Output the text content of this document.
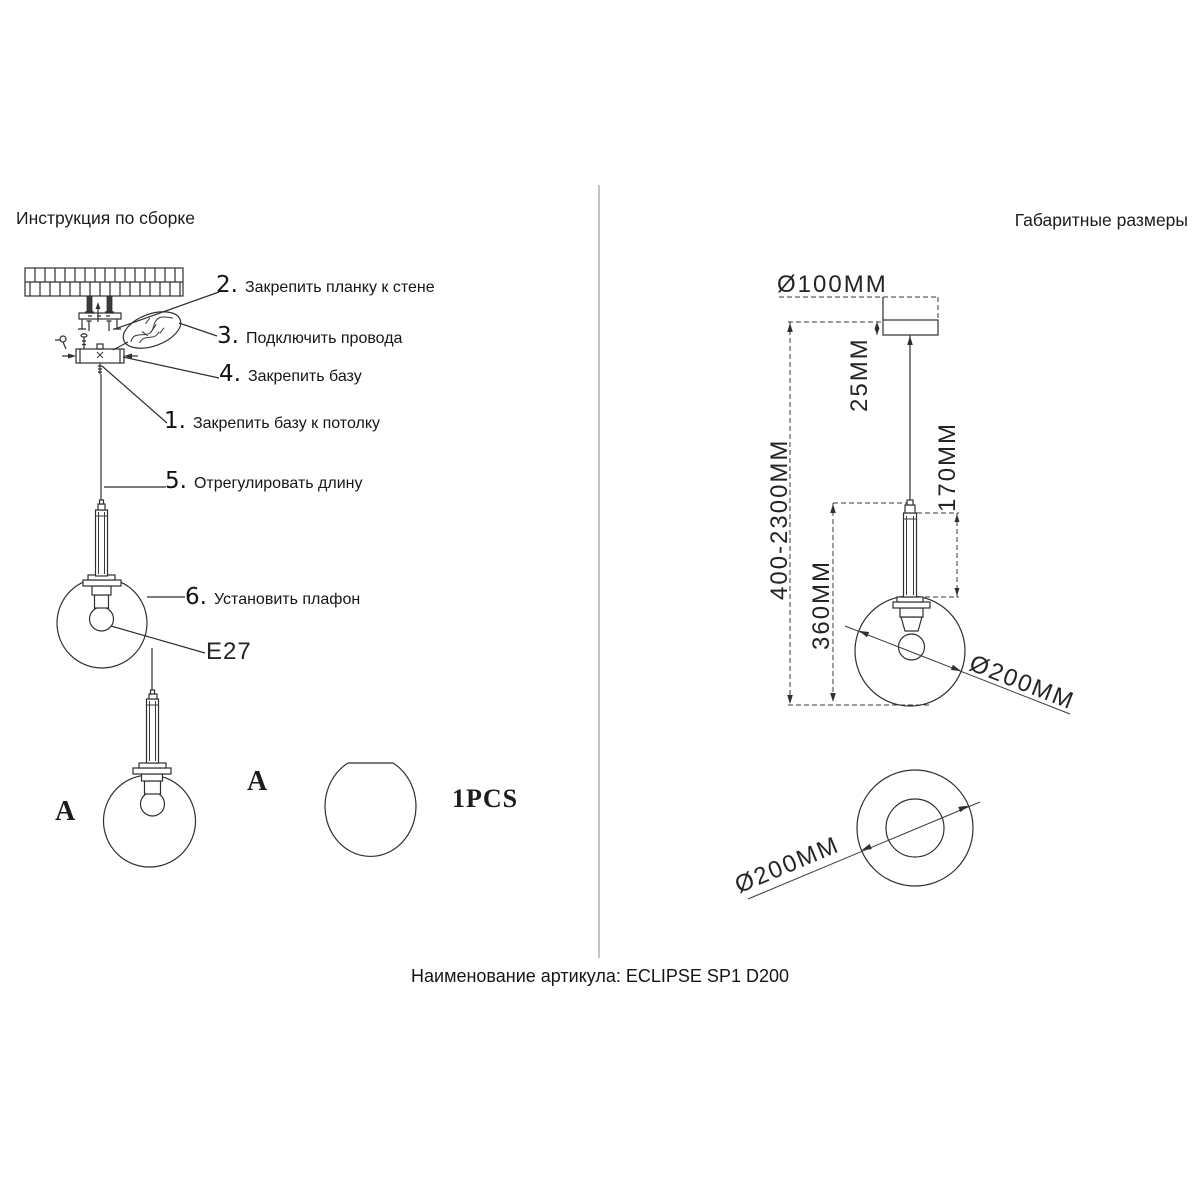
Инструкция по сборке	Габаритные размеры
2. Закрепить планку к стене
3. Подключить провода
4. Закрепить базу
1. Закрепить базу к потолку
5. Отрегулировать длину
6. Установить плафон
E27
A
A
1PCS
Ø100MM
25MM
400-2300MM
360MM
170MM
Ø200MM
Ø200MM
Наименование артикула: ECLIPSE SP1 D200
